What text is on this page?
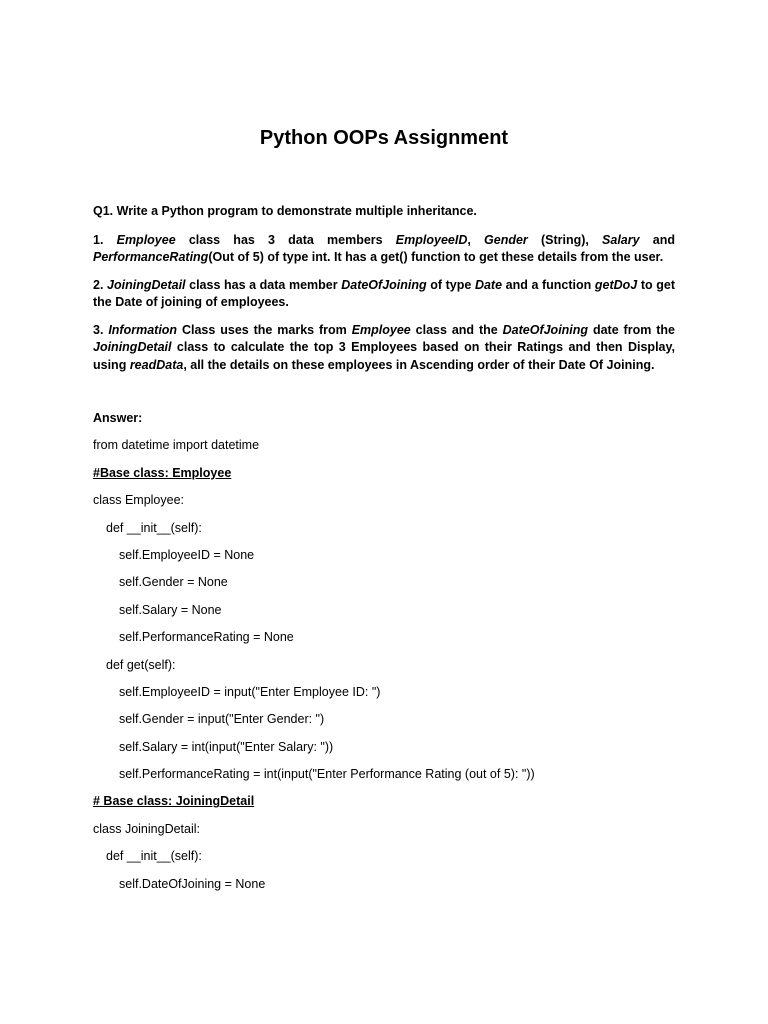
Python OOPs Assignment

Q1. Write a Python program to demonstrate multiple inheritance.

1. Employee class has 3 data members EmployeeID, Gender (String), Salary and PerformanceRating(Out of 5) of type int. It has a get() function to get these details from the user.

2. JoiningDetail class has a data member DateOfJoining of type Date and a function getDoJ to get the Date of joining of employees.

3. Information Class uses the marks from Employee class and the DateOfJoining date from the JoiningDetail class to calculate the top 3 Employees based on their Ratings and then Display, using readData, all the details on these employees in Ascending order of their Date Of Joining.

Answer:
from datetime import datetime
#Base class: Employee
class Employee:
def __init__(self):
self.EmployeeID = None
self.Gender = None
self.Salary = None
self.PerformanceRating = None
def get(self):
self.EmployeeID = input("Enter Employee ID: ")
self.Gender = input("Enter Gender: ")
self.Salary = int(input("Enter Salary: "))
self.PerformanceRating = int(input("Enter Performance Rating (out of 5): "))
# Base class: JoiningDetail
class JoiningDetail:
def __init__(self):
self.DateOfJoining = None
